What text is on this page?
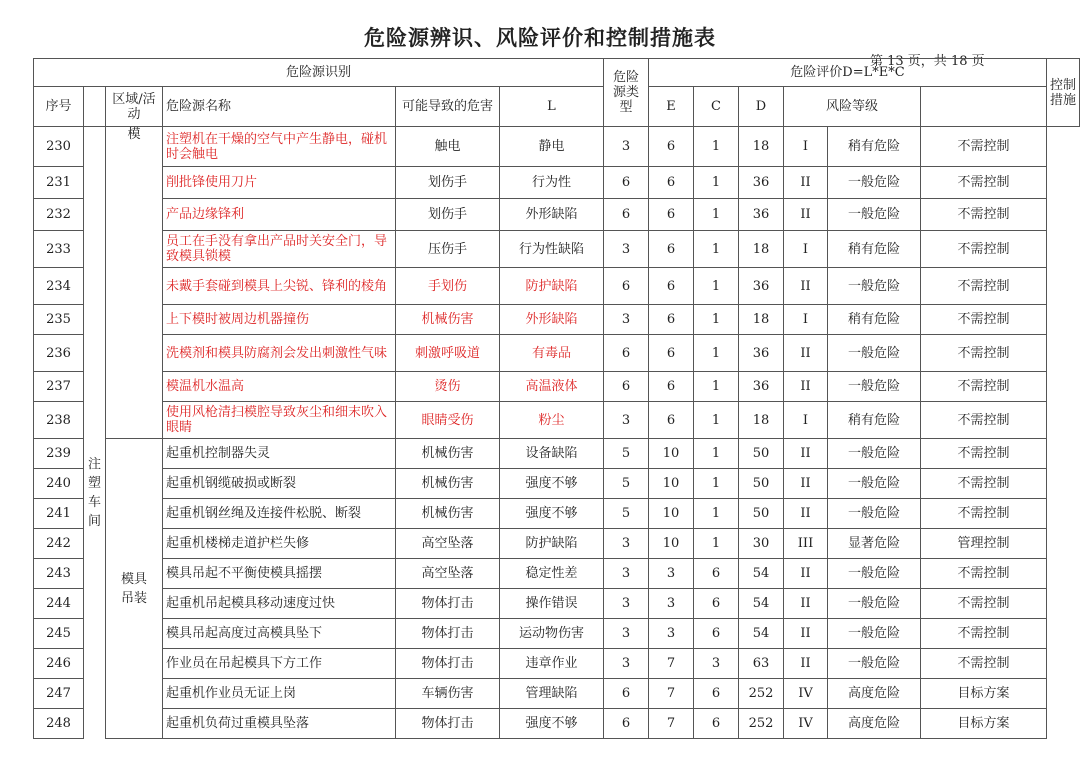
危险源辨识、风险评价和控制措施表
第 13 页，共 18 页
危险源识别						危险源类型	危险评价D=L*E*C						控制措施
序号		区域/活动	危险源名称	可能导致的危害	L		E	C	D	风险等级			
230	注塑车间	模	注塑机在干燥的空气中产生静电，碰机时会触电	触电	静电	3	6	1	18	I	稍有危险	不需控制	
231			削批锋使用刀片	划伤手	行为性	6	6	1	36	II	一般危险	不需控制	
232			产品边缘锋利	划伤手	外形缺陷	6	6	1	36	II	一般危险	不需控制	
233			员工在手没有拿出产品时关安全门，导致模具锁模	压伤手	行为性缺陷	3	6	1	18	I	稍有危险	不需控制	
234			未戴手套碰到模具上尖锐、锋利的棱角	手划伤	防护缺陷	6	6	1	36	II	一般危险	不需控制	
235			上下模时被周边机器撞伤	机械伤害	外形缺陷	3	6	1	18	I	稍有危险	不需控制	
236			洗模剂和模具防腐剂会发出刺激性气味	刺激呼吸道	有毒品	6	6	1	36	II	一般危险	不需控制	
237			模温机水温高	烫伤	高温液体	6	6	1	36	II	一般危险	不需控制	
238			使用风枪清扫模腔导致灰尘和细末吹入眼睛	眼睛受伤	粉尘	3	6	1	18	I	稍有危险	不需控制	
239		模具吊装	起重机控制器失灵	机械伤害	设备缺陷	5	10	1	50	II	一般危险	不需控制	
240			起重机钢缆破损或断裂	机械伤害	强度不够	5	10	1	50	II	一般危险	不需控制	
241			起重机钢丝绳及连接件松脱、断裂	机械伤害	强度不够	5	10	1	50	II	一般危险	不需控制	
242			起重机楼梯走道护栏失修	高空坠落	防护缺陷	3	10	1	30	III	显著危险	管理控制	
243			模具吊起不平衡使模具摇摆	高空坠落	稳定性差	3	3	6	54	II	一般危险	不需控制	
244			起重机吊起模具移动速度过快	物体打击	操作错误	3	3	6	54	II	一般危险	不需控制	
245			模具吊起高度过高模具坠下	物体打击	运动物伤害	3	3	6	54	II	一般危险	不需控制	
246			作业员在吊起模具下方工作	物体打击	违章作业	3	7	3	63	II	一般危险	不需控制	
247			起重机作业员无证上岗	车辆伤害	管理缺陷	6	7	6	252	IV	高度危险	目标方案	
248			起重机负荷过重模具坠落	物体打击	强度不够	6	7	6	252	IV	高度危险	目标方案	
